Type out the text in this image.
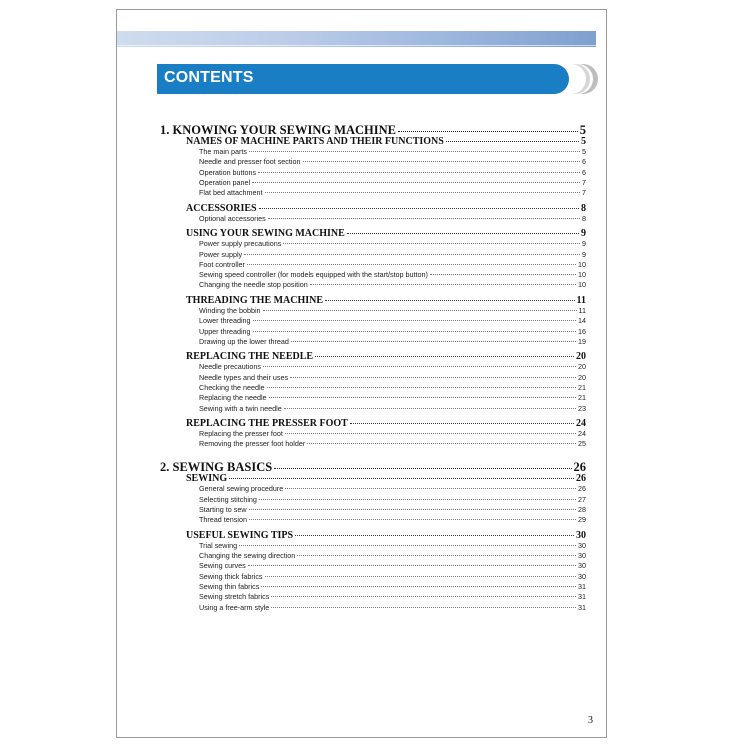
CONTENTS
1. KNOWING YOUR SEWING MACHINE	5
NAMES OF MACHINE PARTS AND THEIR FUNCTIONS	5
The main parts	5
Needle and presser foot section	6
Operation buttons	6
Operation panel	7
Flat bed attachment	7
ACCESSORIES	8
Optional accessories	8
USING YOUR SEWING MACHINE	9
Power supply precautions	9
Power supply	9
Foot controller	10
Sewing speed controller (for models equipped with the start/stop button)	10
Changing the needle stop position	10
THREADING THE MACHINE	11
Winding the bobbin	11
Lower threading	14
Upper threading	16
Drawing up the lower thread	19
REPLACING THE NEEDLE	20
Needle precautions	20
Needle types and their uses	20
Checking the needle	21
Replacing the needle	21
Sewing with a twin needle	23
REPLACING THE PRESSER FOOT	24
Replacing the presser foot	24
Removing the presser foot holder	25
2. SEWING BASICS	26
SEWING	26
General sewing procedure	26
Selecting stitching	27
Starting to sew	28
Thread tension	29
USEFUL SEWING TIPS	30
Trial sewing	30
Changing the sewing direction	30
Sewing curves	30
Sewing thick fabrics	30
Sewing thin fabrics	31
Sewing stretch fabrics	31
Using a free-arm style	31
3
